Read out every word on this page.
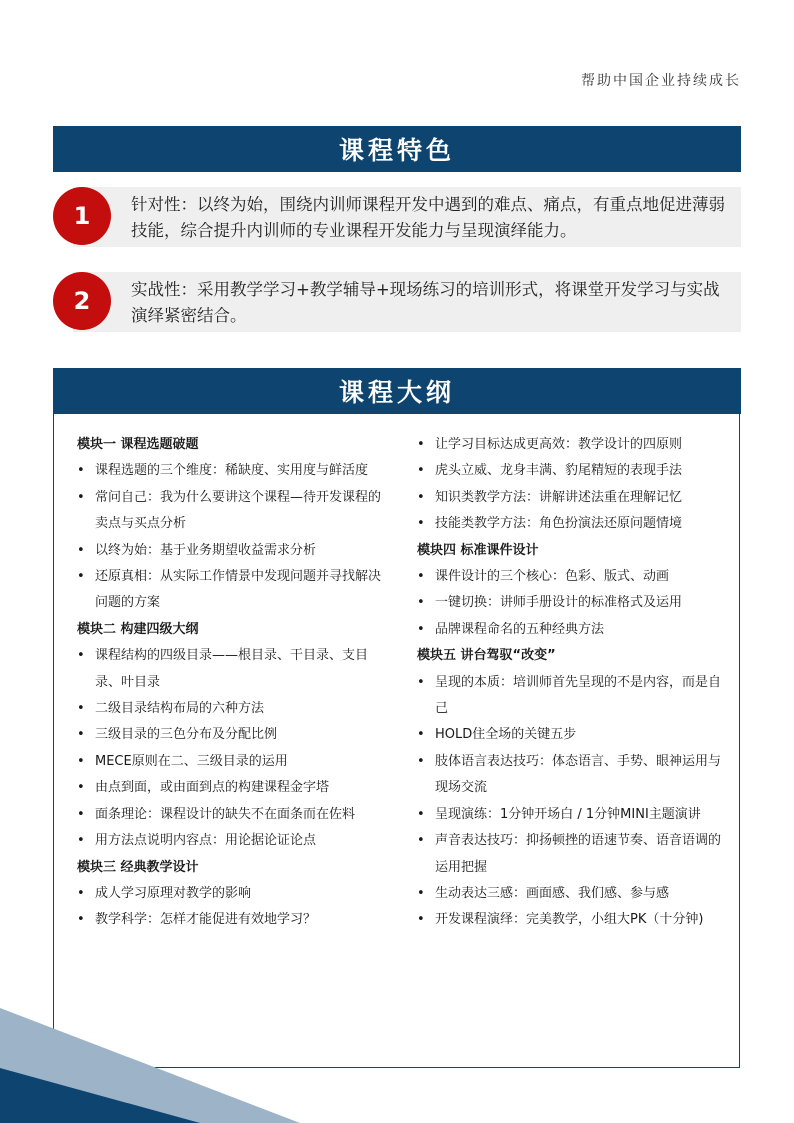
帮助中国企业持续成长
课程特色
1	针对性：以终为始，围绕内训师课程开发中遇到的难点、痛点，有重点地促进薄弱技能，综合提升内训师的专业课程开发能力与呈现演绎能力。
2	实战性：采用教学学习+教学辅导+现场练习的培训形式，将课堂开发学习与实战演绎紧密结合。
课程大纲
模块一 课程选题破题
• 课程选题的三个维度：稀缺度、实用度与鲜活度
• 常问自己：我为什么要讲这个课程—待开发课程的卖点与买点分析
• 以终为始：基于业务期望收益需求分析
• 还原真相：从实际工作情景中发现问题并寻找解决问题的方案
模块二 构建四级大纲
• 课程结构的四级目录——根目录、干目录、支目录、叶目录
• 二级目录结构布局的六种方法
• 三级目录的三色分布及分配比例
• MECE原则在二、三级目录的运用
• 由点到面，或由面到点的构建课程金字塔
• 面条理论：课程设计的缺失不在面条而在佐料
• 用方法点说明内容点：用论据论证论点
模块三 经典教学设计
• 成人学习原理对教学的影响
• 教学科学：怎样才能促进有效地学习？
• 让学习目标达成更高效：教学设计的四原则
• 虎头立威、龙身丰满、豹尾精短的表现手法
• 知识类教学方法：讲解讲述法重在理解记忆
• 技能类教学方法：角色扮演法还原问题情境
模块四 标准课件设计
• 课件设计的三个核心：色彩、版式、动画
• 一键切换：讲师手册设计的标准格式及运用
• 品牌课程命名的五种经典方法
模块五 讲台驾驭“改变”
• 呈现的本质：培训师首先呈现的不是内容，而是自己
• HOLD住全场的关键五步
• 肢体语言表达技巧：体态语言、手势、眼神运用与现场交流
• 呈现演练：1分钟开场白 / 1分钟MINI主题演讲
• 声音表达技巧：抑扬顿挫的语速节奏、语音语调的运用把握
• 生动表达三感：画面感、我们感、参与感
• 开发课程演绎：完美教学，小组大PK（十分钟)
